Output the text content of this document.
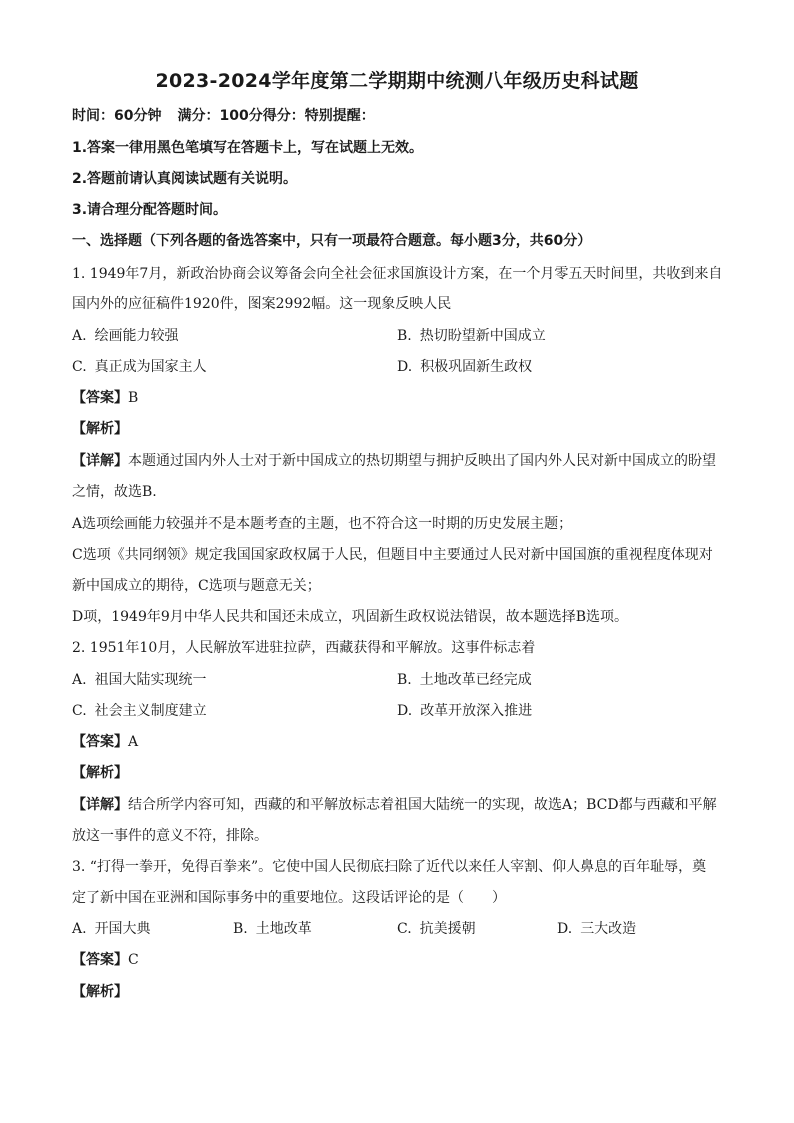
2023-2024学年度第二学期期中统测八年级历史科试题
时间：60分钟 满分：100分得分：特别提醒：
1.答案一律用黑色笔填写在答题卡上，写在试题上无效。
2.答题前请认真阅读试题有关说明。
3.请合理分配答题时间。
一、选择题（下列各题的备选答案中，只有一项最符合题意。每小题3分，共60分）
1. 1949年7月，新政治协商会议筹备会向全社会征求国旗设计方案，在一个月零五天时间里，共收到来自
国内外的应征稿件1920件，图案2992幅。这一现象反映人民
A. 绘画能力较强	B. 热切盼望新中国成立
C. 真正成为国家主人	D. 积极巩固新生政权
【答案】B
【解析】
【详解】本题通过国内外人士对于新中国成立的热切期望与拥护反映出了国内外人民对新中国成立的盼望
之情，故选B.
A选项绘画能力较强并不是本题考查的主题，也不符合这一时期的历史发展主题；
C选项《共同纲领》规定我国国家政权属于人民，但题目中主要通过人民对新中国国旗的重视程度体现对
新中国成立的期待，C选项与题意无关；
D项，1949年9月中华人民共和国还未成立，巩固新生政权说法错误，故本题选择B选项。
2. 1951年10月，人民解放军进驻拉萨，西藏获得和平解放。这事件标志着
A. 祖国大陆实现统一	B. 土地改革已经完成
C. 社会主义制度建立	D. 改革开放深入推进
【答案】A
【解析】
【详解】结合所学内容可知，西藏的和平解放标志着祖国大陆统一的实现，故选A；BCD都与西藏和平解
放这一事件的意义不符，排除。
3. “打得一拳开，免得百拳来”。它使中国人民彻底扫除了近代以来任人宰割、仰人鼻息的百年耻辱，奠
定了新中国在亚洲和国际事务中的重要地位。这段话评论的是（　　）
A. 开国大典	B. 土地改革	C. 抗美援朝	D. 三大改造
【答案】C
【解析】
